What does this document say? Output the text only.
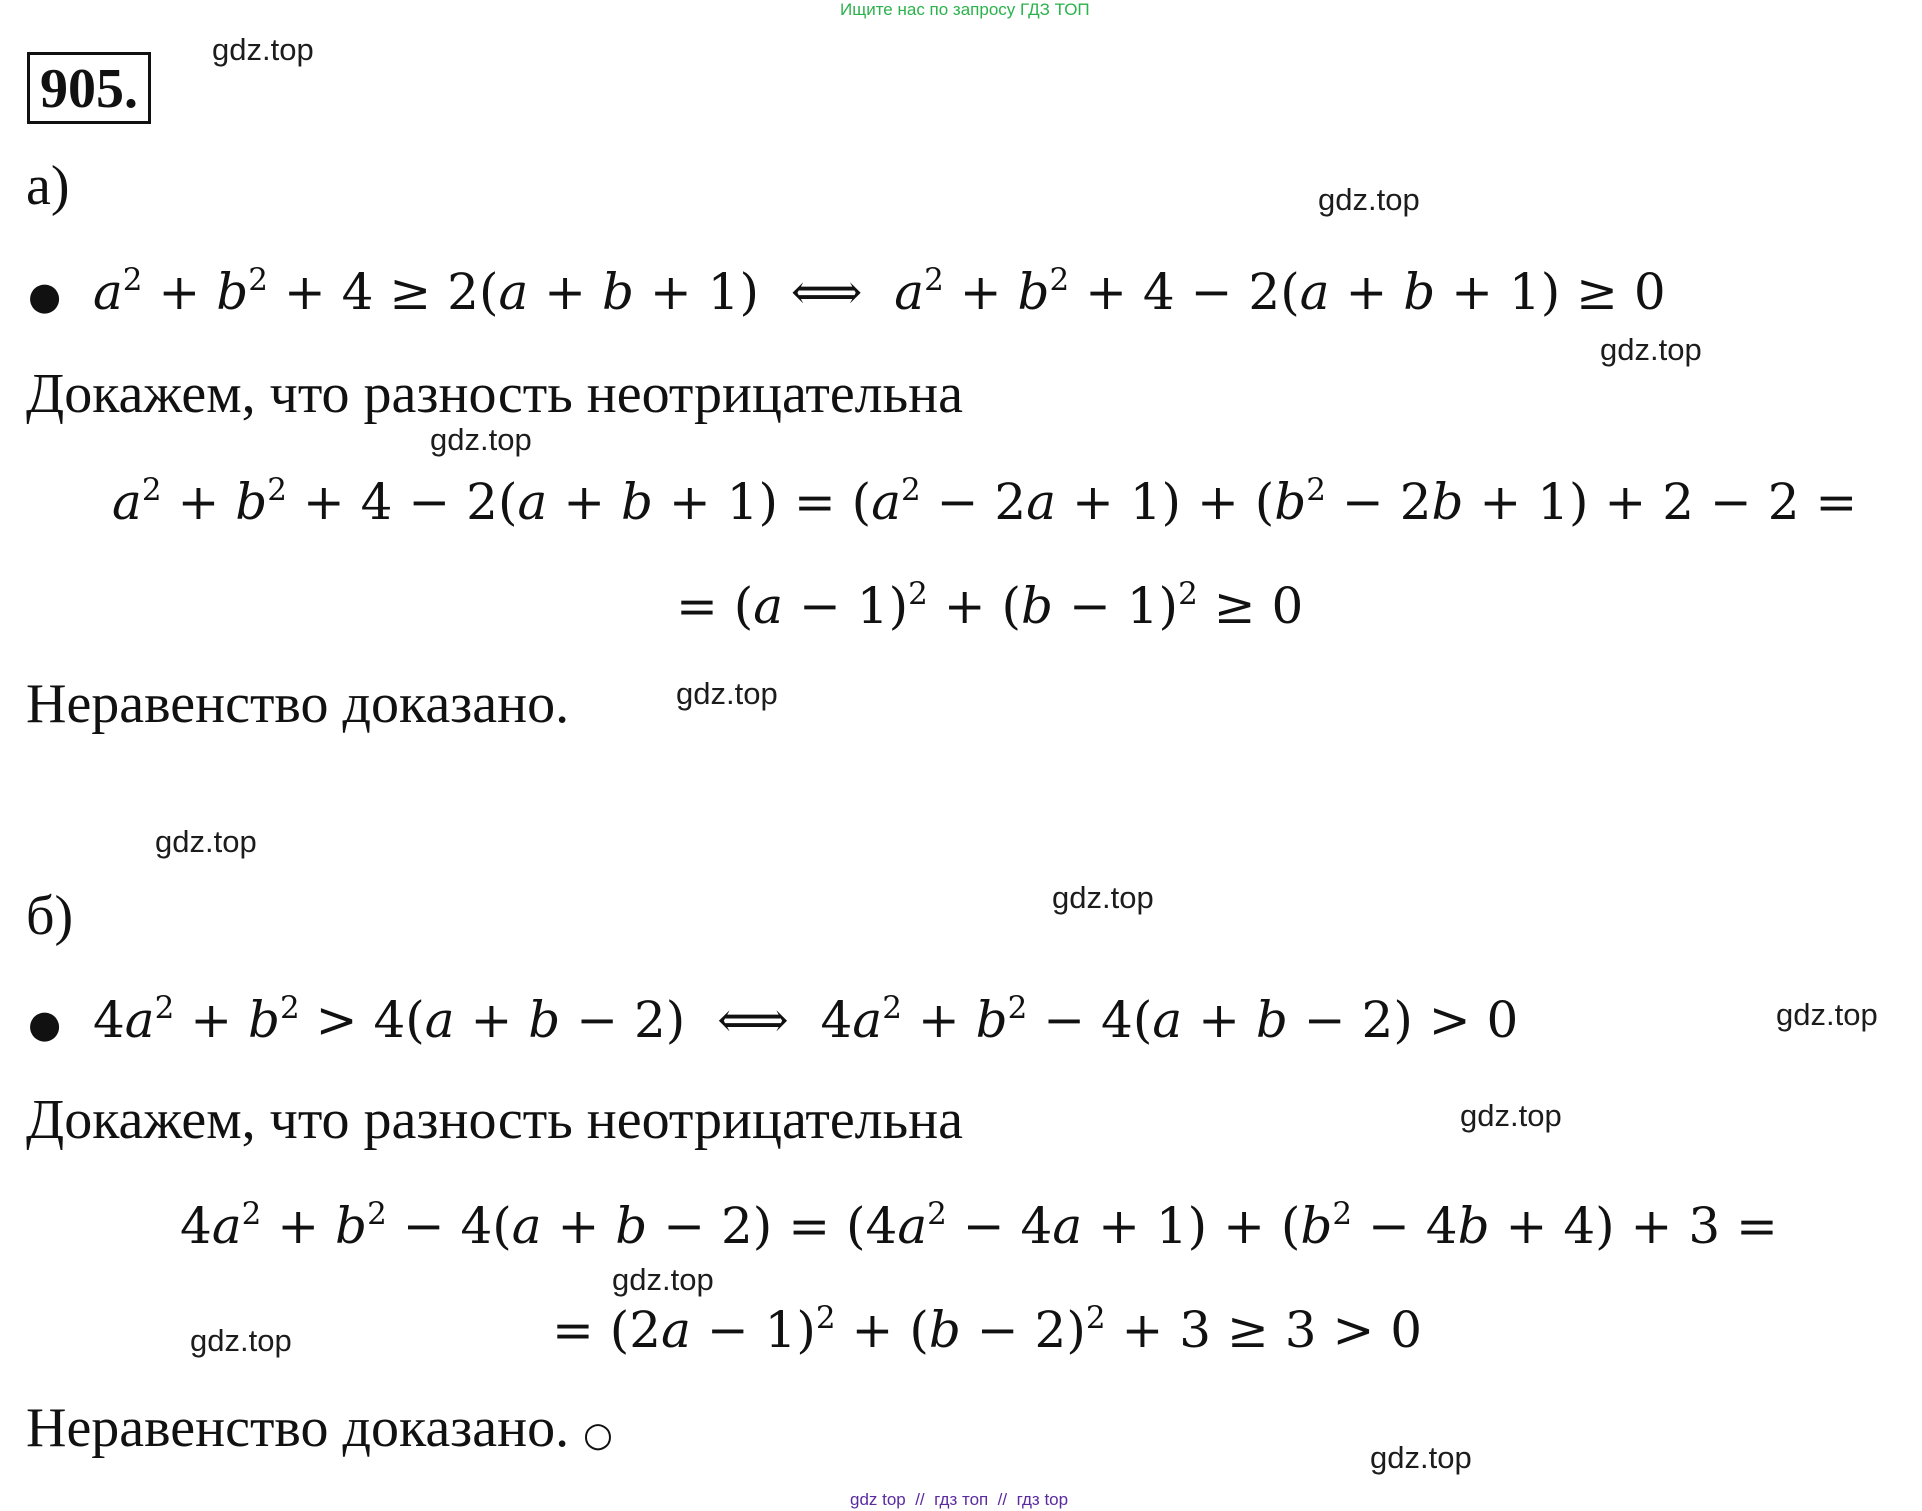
Ищите нас по запросу ГДЗ ТОП
905.
gdz.top
gdz.top
gdz.top
gdz.top
gdz.top
gdz.top
gdz.top
gdz.top
gdz.top
gdz.top
gdz.top
gdz.top
а)
● $a^2 + b^2 + 4 \ge 2(a + b + 1)$  ⟺  $a^2 + b^2 + 4 - 2(a + b + 1) \ge 0$
Докажем, что разность неотрицательна
$a^2 + b^2 + 4 - 2(a + b + 1) = (a^2 - 2a + 1) + (b^2 - 2b + 1) + 2 - 2$ =
= $(a - 1)^2 + (b - 1)^2 \ge 0$
Неравенство доказано.
б)
● $4a^2 + b^2 > 4(a + b - 2)$  ⟺  $4a^2 + b^2 - 4(a + b - 2) > 0$
Докажем, что разность неотрицательна
$4a^2 + b^2 - 4(a + b - 2) = (4a^2 - 4a + 1) + (b^2 - 4b + 4) + 3$ =
= $(2a - 1)^2 + (b - 2)^2 + 3 \ge 3 > 0$
Неравенство доказано. ○
gdz top  //  гдз топ  //  гдз top
